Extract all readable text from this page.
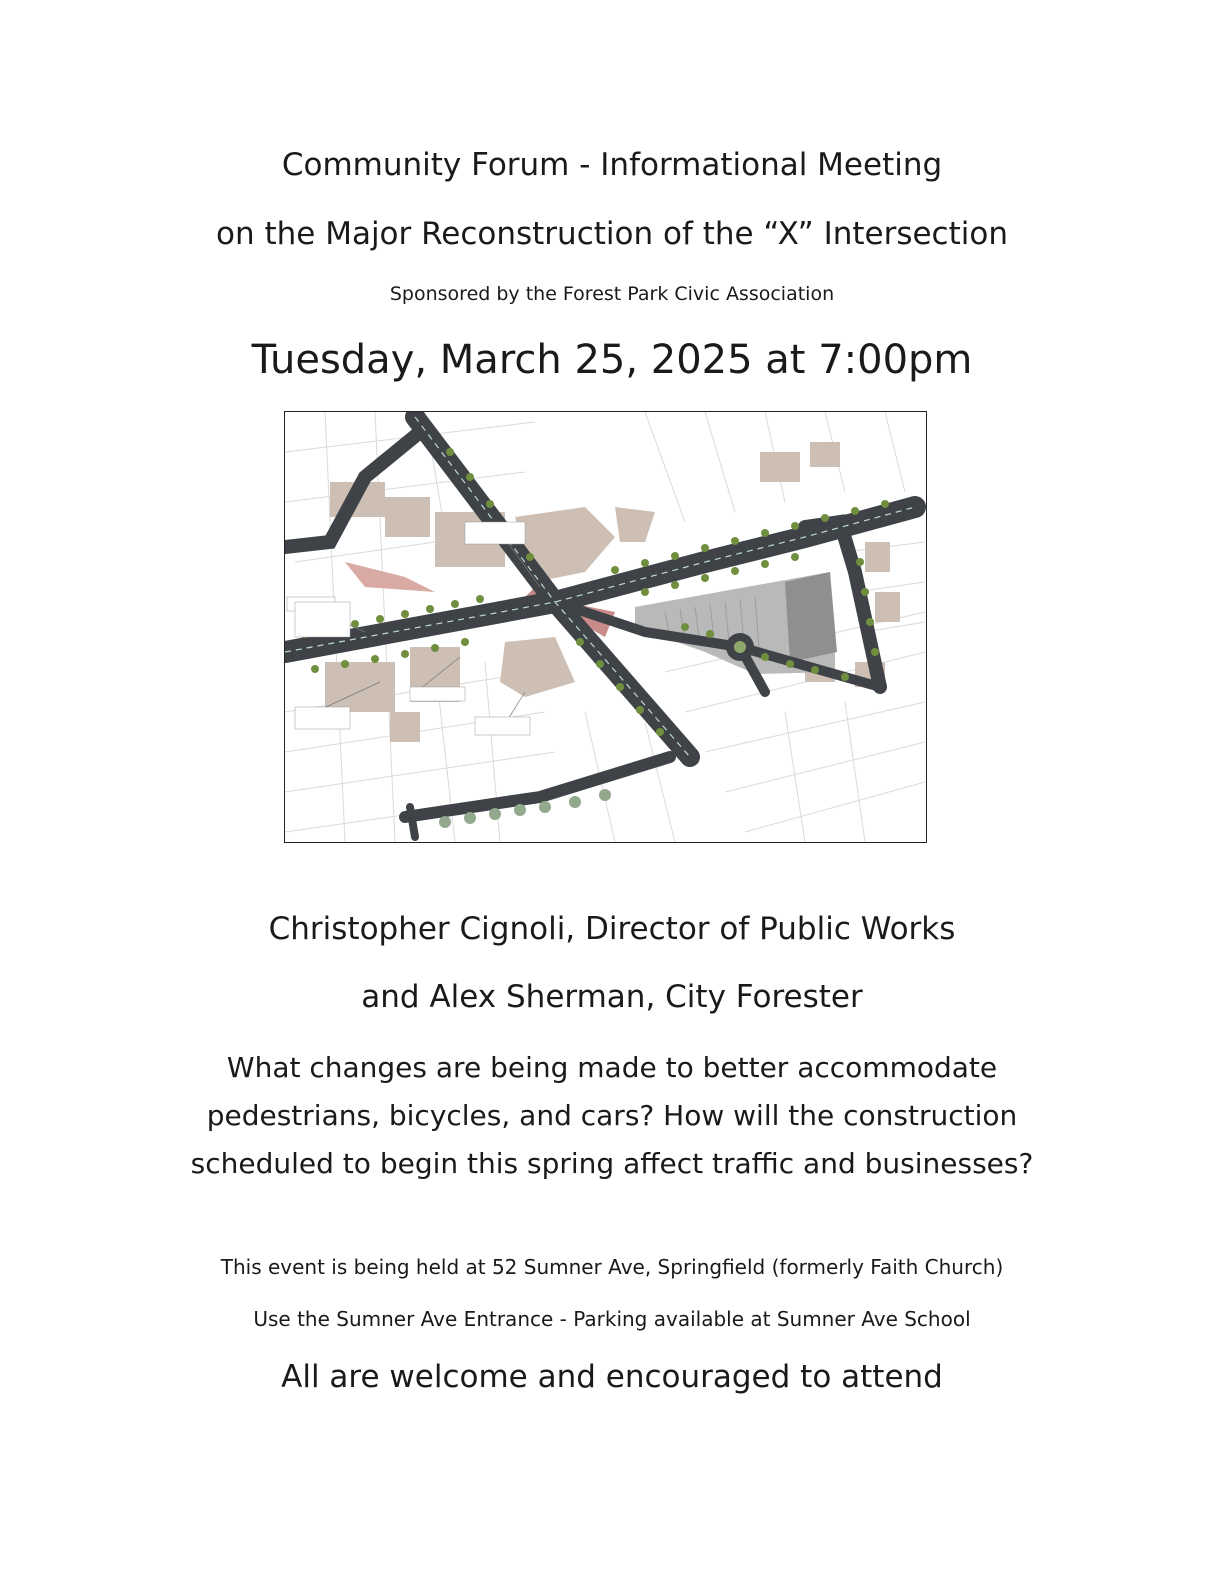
Community Forum - Informational Meeting
on the Major Reconstruction of the “X” Intersection
Sponsored by the Forest Park Civic Association
Tuesday, March 25, 2025 at 7:00pm
Christopher Cignoli, Director of Public Works
and Alex Sherman, City Forester
What changes are being made to better accommodate
pedestrians, bicycles, and cars? How will the construction
scheduled to begin this spring affect traffic and businesses?
This event is being held at 52 Sumner Ave, Springfield (formerly Faith Church)
Use the Sumner Ave Entrance - Parking available at Sumner Ave School
All are welcome and encouraged to attend
